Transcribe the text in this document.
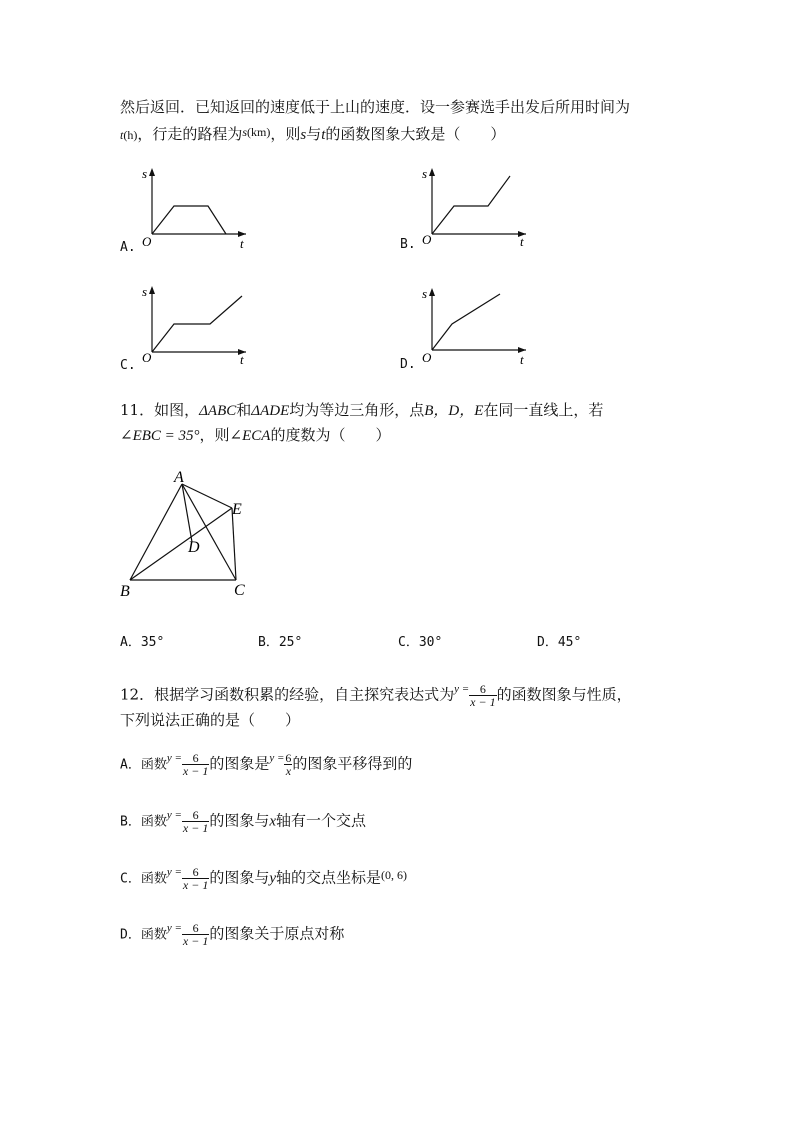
然后返回．已知返回的速度低于上山的速度．设一参赛选手出发后所用时间为
t(h)，行走的路程为$^{s(km)}$，则s与t的函数图象大致是（　　）
A.
s
O	t	B.
s
O	t
C.
s
O	t	D.
s
O	t
11．如图，ΔABC和ΔADE均为等边三角形，点B，D，E在同一直线上，若
∠EBC = 35°，则∠ECA的度数为（　　）
A
E
D
B	C
A．35°	B．25°	C．30°	D．45°
12．根据学习函数积累的经验，自主探究表达式为$^{y =} \frac{6}{x - 1}$ 的函数图象与性质，
下列说法正确的是（　　）
A．函数$^{y =} \frac{6}{x - 1}$ 的图象是$^{y =} \frac{6}{x}$ 的图象平移得到的
B．函数$^{y =} \frac{6}{x - 1}$ 的图象与x轴有一个交点
C．函数$^{y =} \frac{6}{x - 1}$ 的图象与y轴的交点坐标是$^{(0, 6)}$
D．函数$^{y =} \frac{6}{x - 1}$ 的图象关于原点对称
